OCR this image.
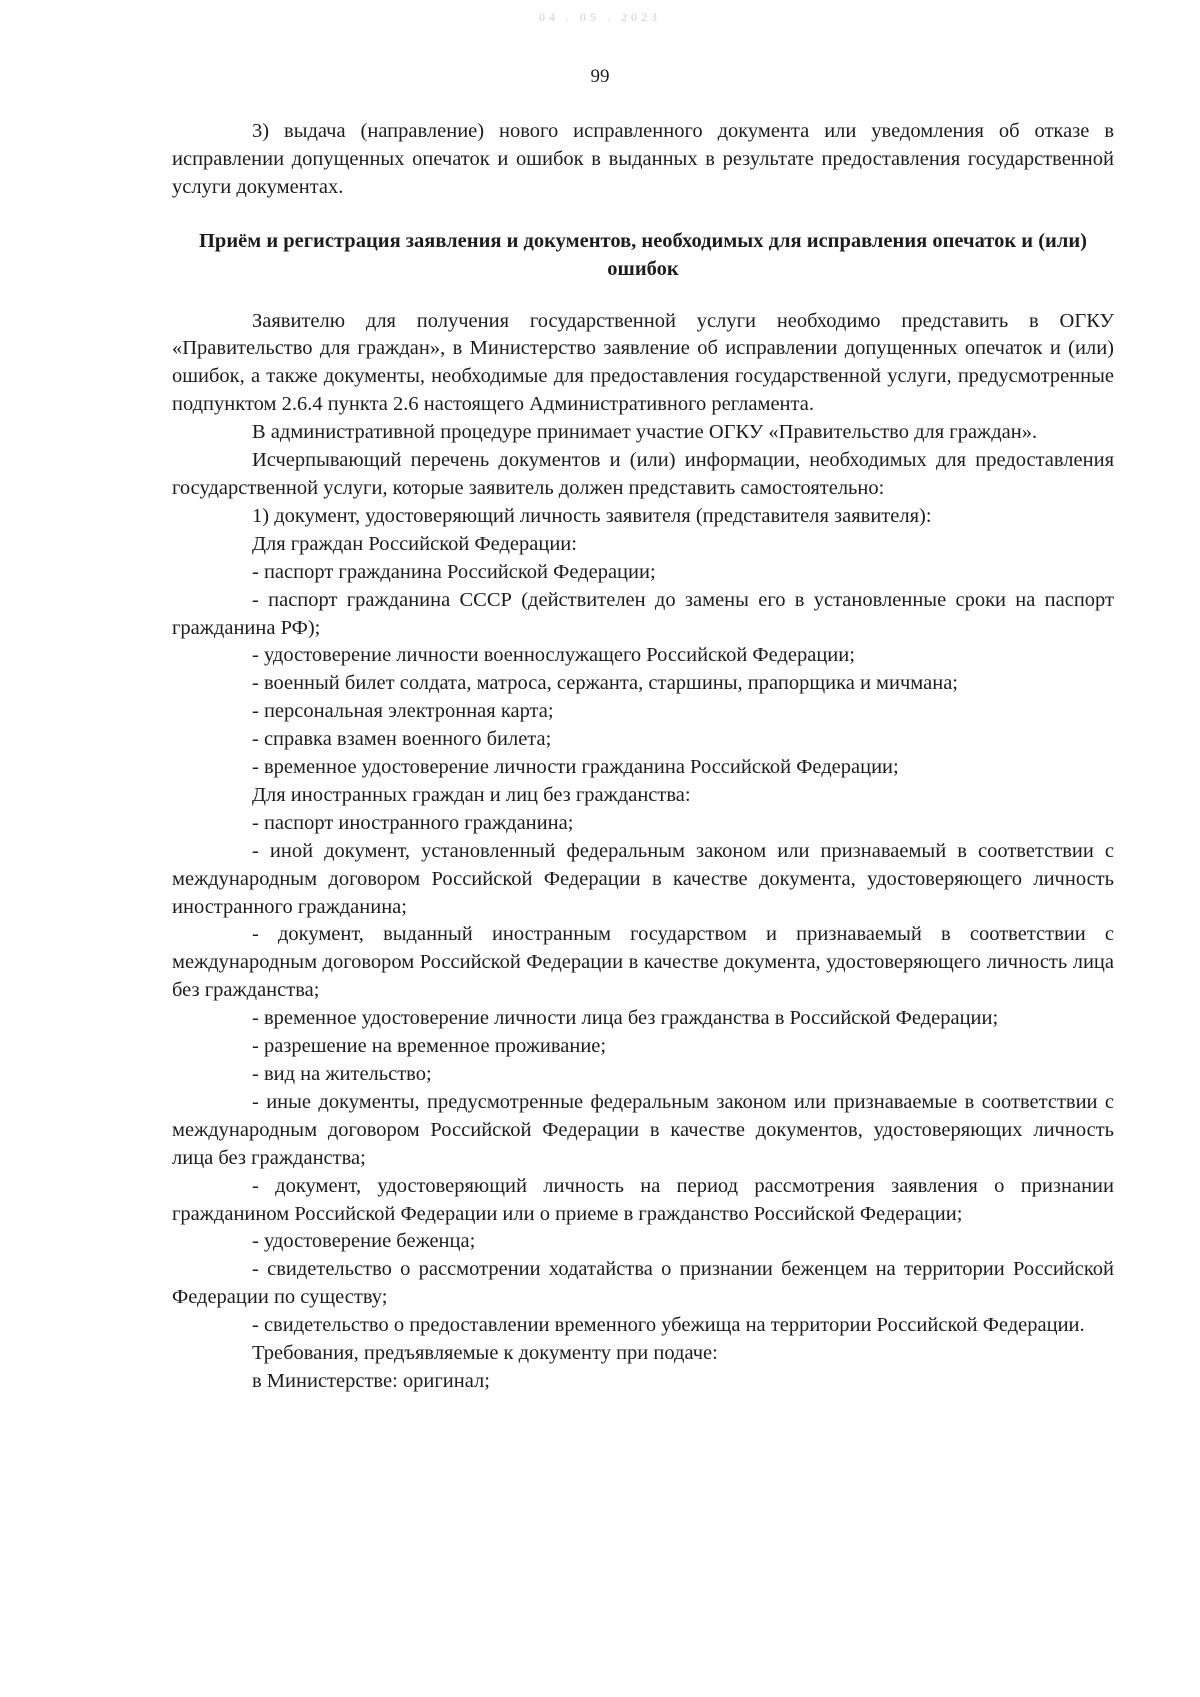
04 . 05 . 2023
99

3) выдача (направление) нового исправленного документа или уведомления об отказе в исправлении допущенных опечаток и ошибок в выданных в результате предоставления государственной услуги документах.

Приём и регистрация заявления и документов, необходимых для исправления опечаток и (или) ошибок

Заявителю для получения государственной услуги необходимо представить в ОГКУ «Правительство для граждан», в Министерство заявление об исправлении допущенных опечаток и (или) ошибок, а также документы, необходимые для предоставления государственной услуги, предусмотренные подпунктом 2.6.4 пункта 2.6 настоящего Административного регламента.

В административной процедуре принимает участие ОГКУ «Правительство для граждан».

Исчерпывающий перечень документов и (или) информации, необходимых для предоставления государственной услуги, которые заявитель должен представить самостоятельно:

1) документ, удостоверяющий личность заявителя (представителя заявителя):

Для граждан Российской Федерации:

- паспорт гражданина Российской Федерации;

- паспорт гражданина СССР (действителен до замены его в установленные сроки на паспорт гражданина РФ);

- удостоверение личности военнослужащего Российской Федерации;

- военный билет солдата, матроса, сержанта, старшины, прапорщика и мичмана;

- персональная электронная карта;

- справка взамен военного билета;

- временное удостоверение личности гражданина Российской Федерации;

Для иностранных граждан и лиц без гражданства:

- паспорт иностранного гражданина;

- иной документ, установленный федеральным законом или признаваемый в соответствии с международным договором Российской Федерации в качестве документа, удостоверяющего личность иностранного гражданина;

- документ, выданный иностранным государством и признаваемый в соответствии с международным договором Российской Федерации в качестве документа, удостоверяющего личность лица без гражданства;

- временное удостоверение личности лица без гражданства в Российской Федерации;

- разрешение на временное проживание;

- вид на жительство;

- иные документы, предусмотренные федеральным законом или признаваемые в соответствии с международным договором Российской Федерации в качестве документов, удостоверяющих личность лица без гражданства;

- документ, удостоверяющий личность на период рассмотрения заявления о признании гражданином Российской Федерации или о приеме в гражданство Российской Федерации;

- удостоверение беженца;

- свидетельство о рассмотрении ходатайства о признании беженцем на территории Российской Федерации по существу;

- свидетельство о предоставлении временного убежища на территории Российской Федерации.

Требования, предъявляемые к документу при подаче:

в Министерстве: оригинал;
